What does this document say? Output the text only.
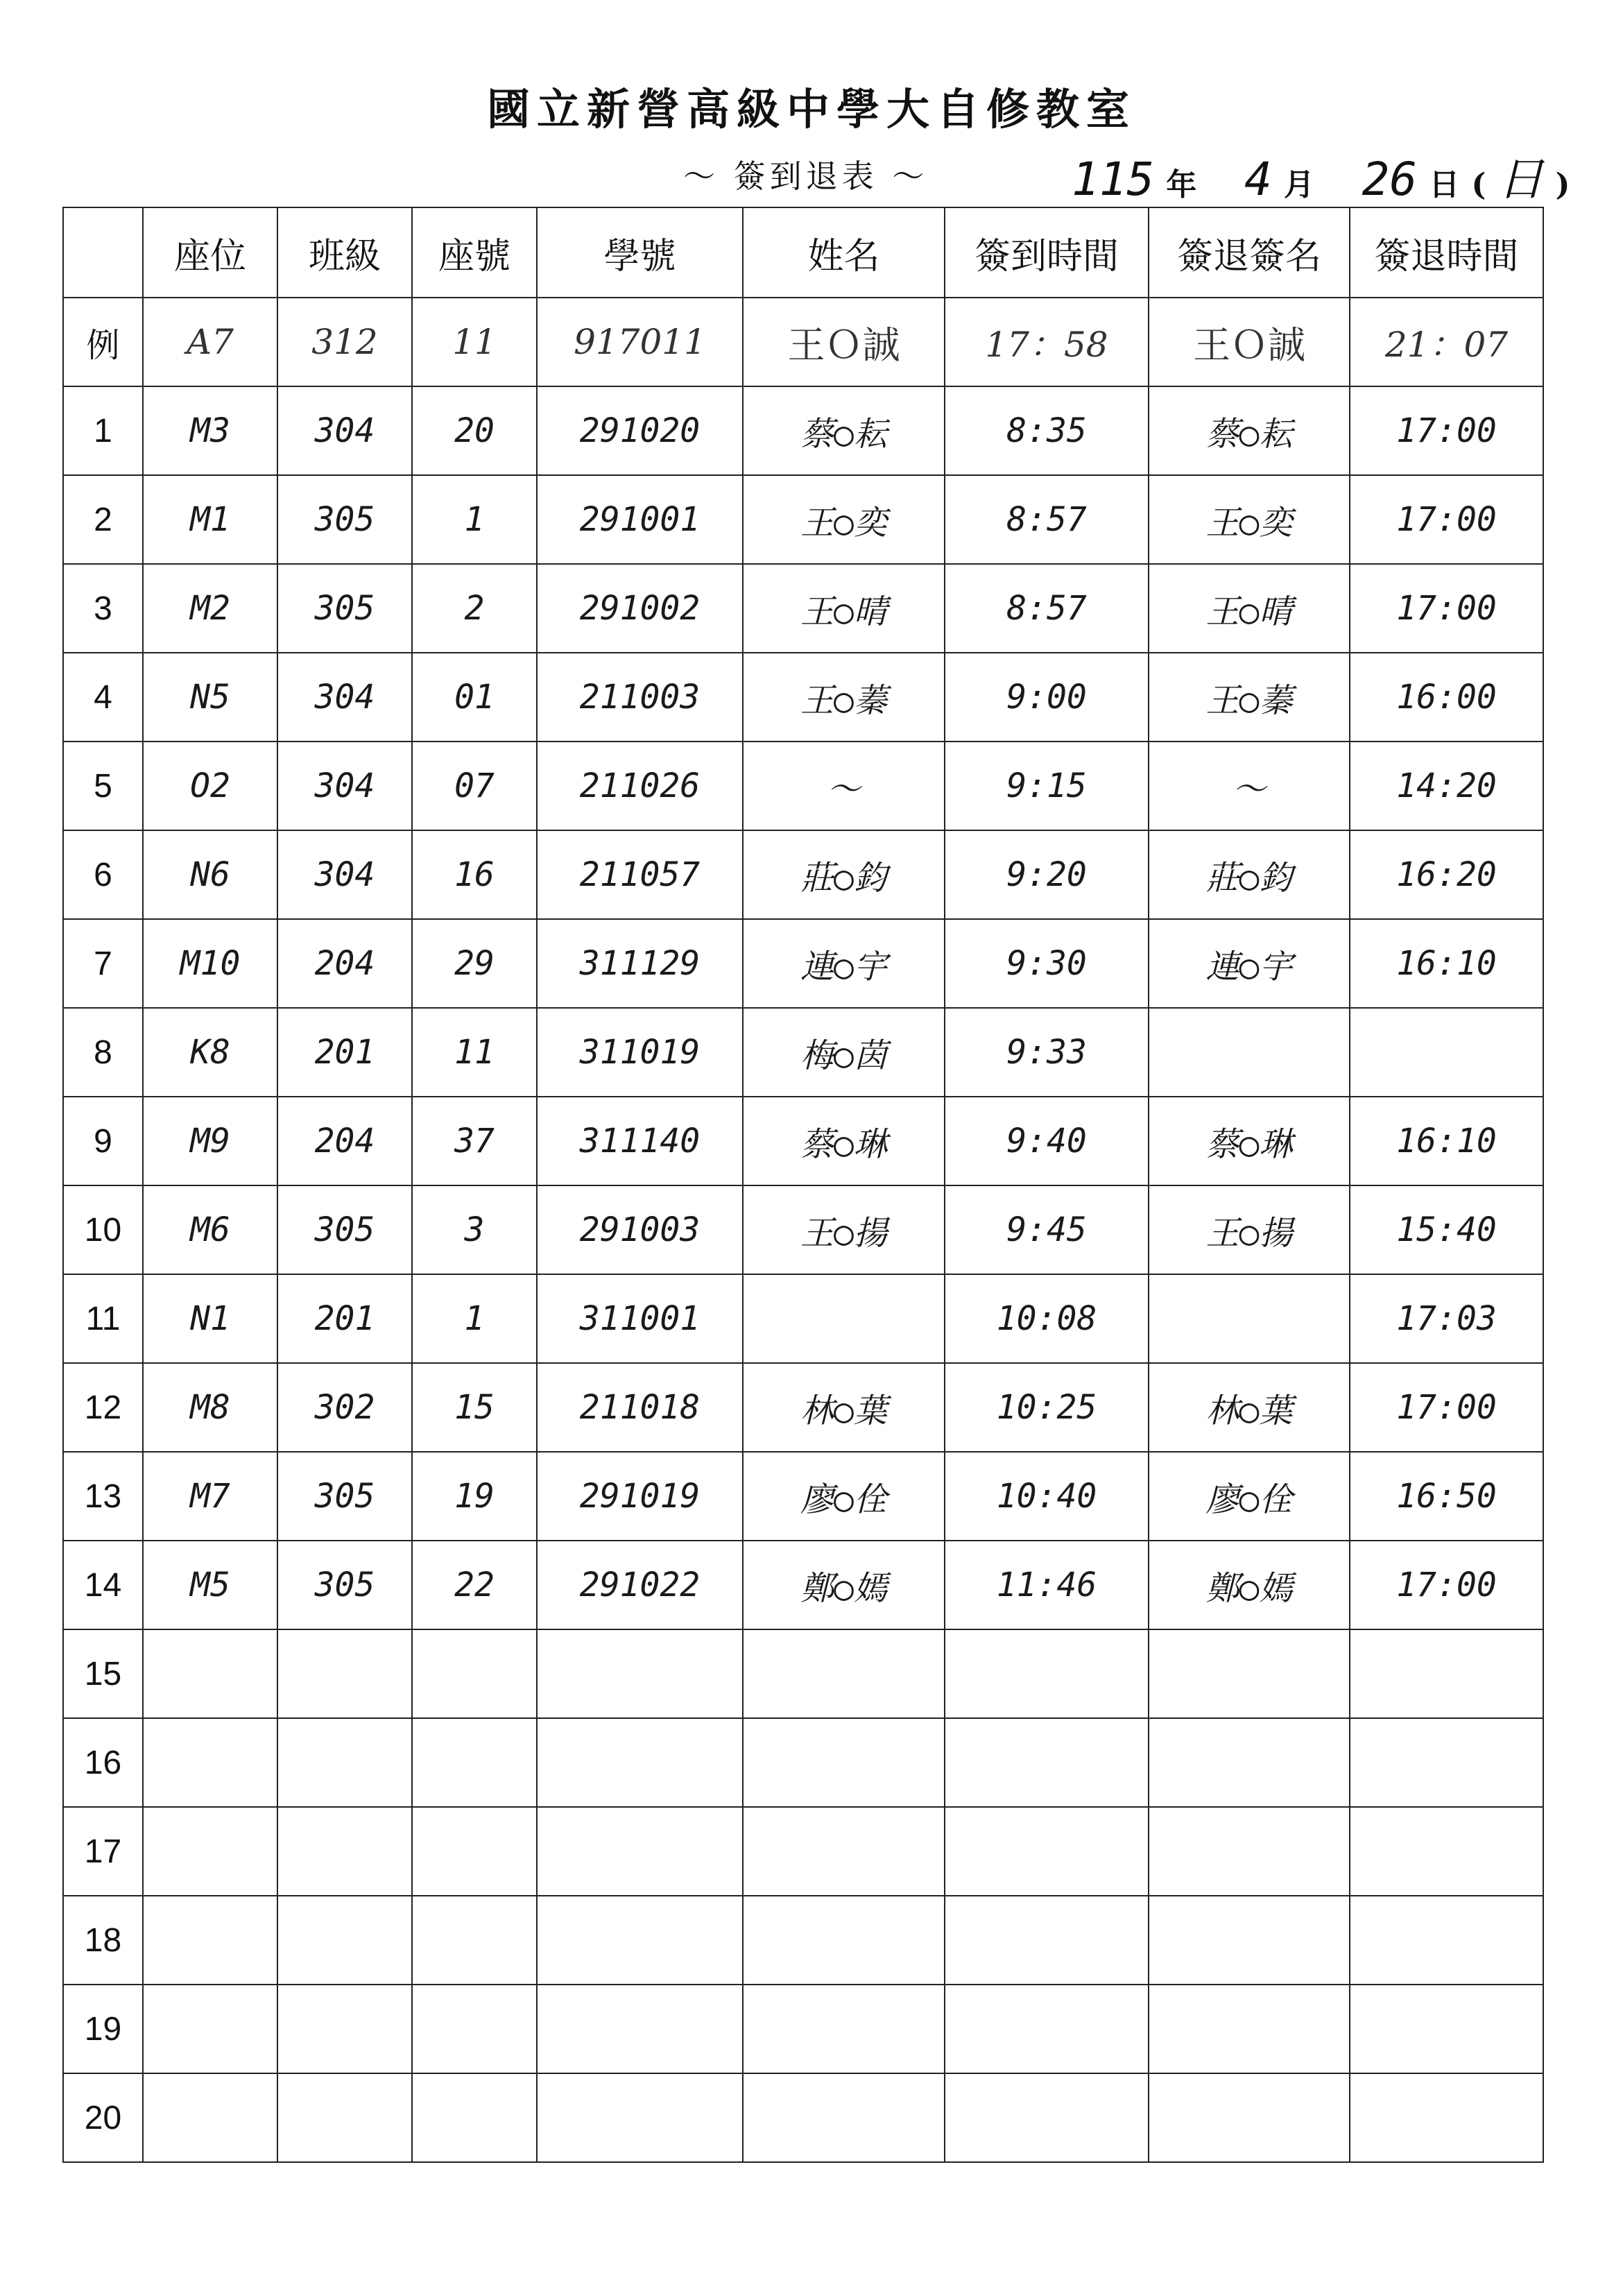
國立新營高級中學大自修教室
～ 簽到退表 ～	115 年 4 月 26 日 ( 日 )
	座位	班級	座號	學號	姓名	簽到時間	簽退簽名	簽退時間
例	A7	312	11	917011	王Ｏ誠	17：58	王Ｏ誠	21：07
1	M3	304	20	291020	蔡○耘	8:35	蔡○耘	17:00
2	M1	305	1	291001	王○奕	8:57	王○奕	17:00
3	M2	305	2	291002	王○晴	8:57	王○晴	17:00
4	N5	304	01	211003	王○蓁	9:00	王○蓁	16:00
5	O2	304	07	211026	～	9:15	～	14:20
6	N6	304	16	211057	莊○鈞	9:20	莊○鈞	16:20
7	M10	204	29	311129	連○宇	9:30	連○宇	16:10
8	K8	201	11	311019	梅○茵	9:33		
9	M9	204	37	311140	蔡○琳	9:40	蔡○琳	16:10
10	M6	305	3	291003	王○揚	9:45	王○揚	15:40
11	N1	201	1	311001		10:08		17:03
12	M8	302	15	211018	林○葉	10:25	林○葉	17:00
13	M7	305	19	291019	廖○佺	10:40	廖○佺	16:50
14	M5	305	22	291022	鄭○嫣	11:46	鄭○嫣	17:00
15								
16								
17								
18								
19								
20								
